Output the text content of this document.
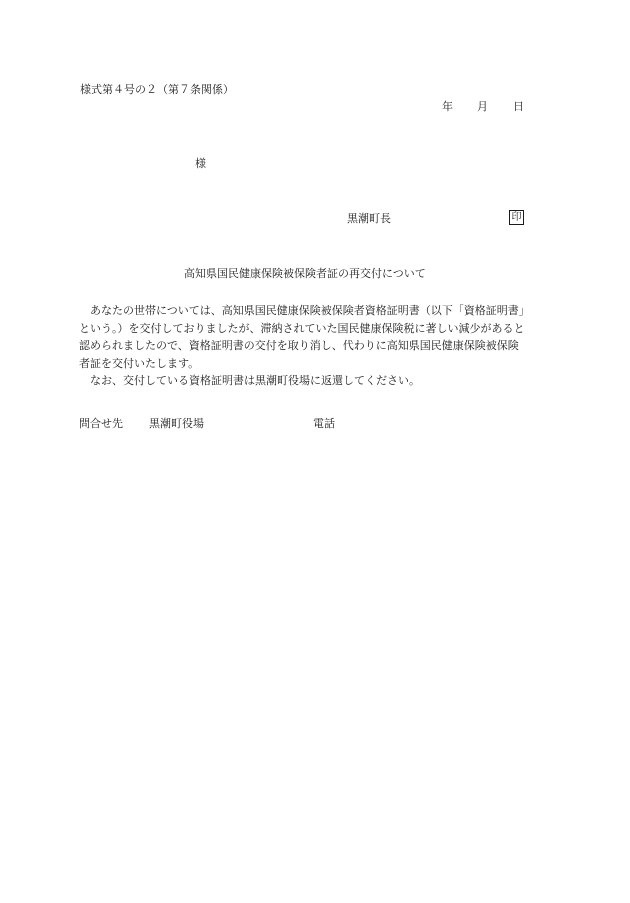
様式第４号の２（第７条関係）
年 月 日
様
黒潮町長	印
高知県国民健康保険被保険者証の再交付について
あなたの世帯については、高知県国民健康保険被保険者資格証明書（以下「資格証明書」
という。）を交付しておりましたが、滞納されていた国民健康保険税に著しい減少があると
認められましたので、資格証明書の交付を取り消し、代わりに高知県国民健康保険被保険
者証を交付いたします。
なお、交付している資格証明書は黒潮町役場に返還してください。
問合せ先 黒潮町役場	電話
